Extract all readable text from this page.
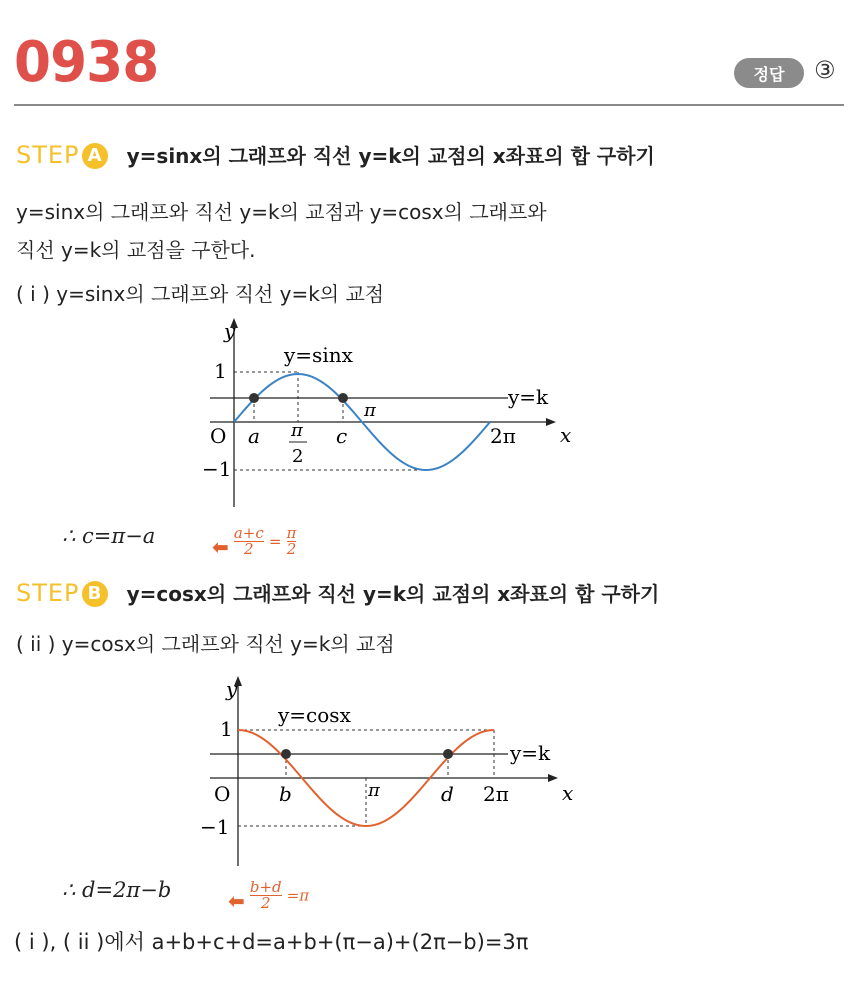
0938	정답	③
STEP A y=sinx의 그래프와 직선 y=k의 교점의 x좌표의 합 구하기
y=sinx의 그래프와 직선 y=k의 교점과 y=cosx의 그래프와
직선 y=k의 교점을 구한다.
( i ) y=sinx의 그래프와 직선 y=k의 교점
y
x
O
y=sinx
y=k
1
−1
a π
2
c
π
2π
∴ c=π−a	⬅ $\frac{a+c}{2} = \frac{\pi}{2}$
STEP B y=cosx의 그래프와 직선 y=k의 교점의 x좌표의 합 구하기
( ii ) y=cosx의 그래프와 직선 y=k의 교점
y
x
O
y=cosx
y=k
1
−1
b	π	d 2π
∴ d=2π−b	⬅ $\frac{b+d}{2} =\pi$
( i ), ( ii )에서 a+b+c+d=a+b+(π−a)+(2π−b)=3π
